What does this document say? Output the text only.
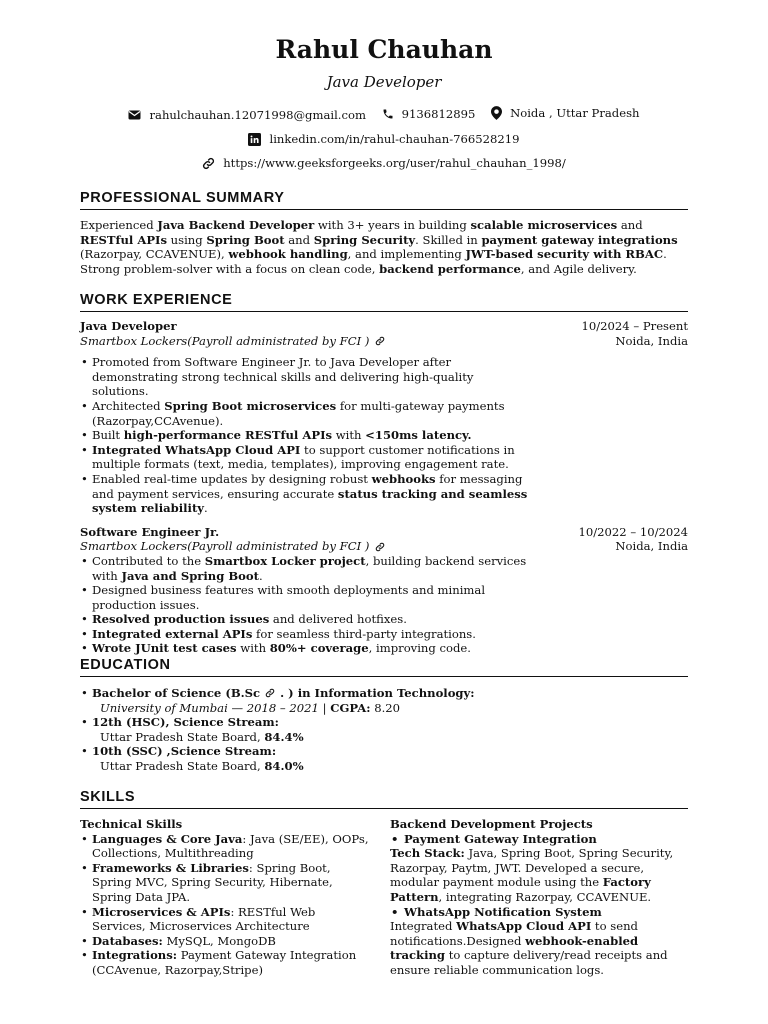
Rahul Chauhan
Java Developer
rahulchauhan.12071998@gmail.com
	9136812895
	Noida , Uttar Pradesh
linkedin.com/in/rahul-chauhan-766528219
https://www.geeksforgeeks.org/user/rahul_chauhan_1998/
PROFESSIONAL SUMMARY

Experienced Java Backend Developer with 3+ years in building scalable microservices and RESTful APIs using Spring Boot and Spring Security. Skilled in payment gateway integrations (Razorpay, CCAVENUE), webhook handling, and implementing JWT-based security with RBAC. Strong problem-solver with a focus on clean code, backend performance, and Agile delivery.

WORK EXPERIENCE
Java Developer
Smartbox Lockers(Payroll administrated by FCI )
10/2024 – Present
Noida, India
• Promoted from Software Engineer Jr. to Java Developer after demonstrating strong technical skills and delivering high-quality solutions.
• Architected Spring Boot microservices for multi-gateway payments (Razorpay,CCAvenue).
• Built high-performance RESTful APIs with <150ms latency.
• Integrated WhatsApp Cloud API to support customer notifications in multiple formats (text, media, templates), improving engagement rate.
• Enabled real-time updates by designing robust webhooks for messaging and payment services, ensuring accurate status tracking and seamless system reliability.
Software Engineer Jr.
Smartbox Lockers(Payroll administrated by FCI )
10/2022 – 10/2024
Noida, India
• Contributed to the Smartbox Locker project, building backend services with Java and Spring Boot.
• Designed business features with smooth deployments and minimal production issues.
• Resolved production issues and delivered hotfixes.
• Integrated external APIs for seamless third-party integrations.
• Wrote JUnit test cases with 80%+ coverage, improving code.
EDUCATION
• Bachelor of Science (B.Sc . ) in Information Technology:
University of Mumbai — 2018 – 2021 | CGPA: 8.20
• 12th (HSC), Science Stream:
Uttar Pradesh State Board, 84.4%
• 10th (SSC) ,Science Stream:
Uttar Pradesh State Board, 84.0%
SKILLS
Technical Skills
• Languages & Core Java: Java (SE/EE), OOPs, Collections, Multithreading
• Frameworks & Libraries: Spring Boot, Spring MVC, Spring Security, Hibernate, Spring Data JPA.
• Microservices & APIs: RESTful Web Services, Microservices Architecture
• Databases: MySQL, MongoDB
• Integrations: Payment Gateway Integration (CCAvenue, Razorpay,Stripe)
Backend Development Projects
• Payment Gateway Integration
Tech Stack: Java, Spring Boot, Spring Security, Razorpay, Paytm, JWT. Developed a secure, modular payment module using the Factory Pattern, integrating Razorpay, CCAVENUE.
• WhatsApp Notification System
Integrated WhatsApp Cloud API to send notifications.Designed webhook-enabled tracking to capture delivery/read receipts and ensure reliable communication logs.
